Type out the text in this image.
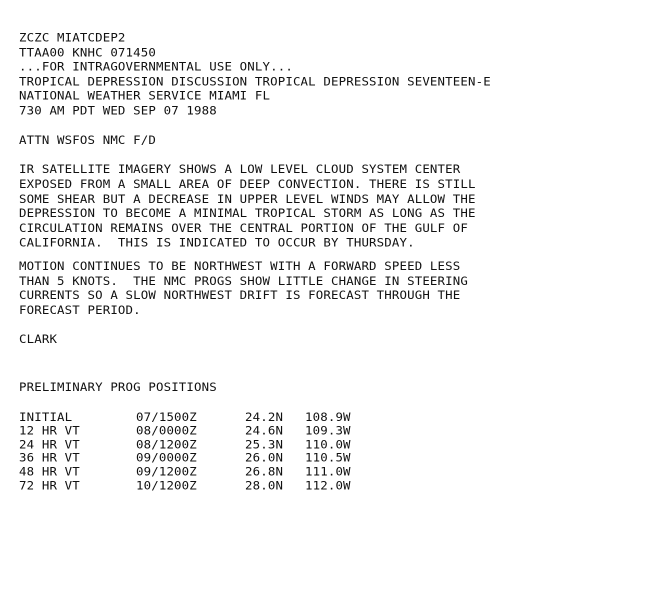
ZCZC MIATCDEP2
TTAA00 KNHC 071450
...FOR INTRAGOVERNMENTAL USE ONLY...
TROPICAL DEPRESSION DISCUSSION TROPICAL DEPRESSION SEVENTEEN-E
NATIONAL WEATHER SERVICE MIAMI FL
730 AM PDT WED SEP 07 1988
ATTN WSFOS NMC F/D
IR SATELLITE IMAGERY SHOWS A LOW LEVEL CLOUD SYSTEM CENTER
EXPOSED FROM A SMALL AREA OF DEEP CONVECTION. THERE IS STILL
SOME SHEAR BUT A DECREASE IN UPPER LEVEL WINDS MAY ALLOW THE
DEPRESSION TO BECOME A MINIMAL TROPICAL STORM AS LONG AS THE
CIRCULATION REMAINS OVER THE CENTRAL PORTION OF THE GULF OF
CALIFORNIA.  THIS IS INDICATED TO OCCUR BY THURSDAY.
MOTION CONTINUES TO BE NORTHWEST WITH A FORWARD SPEED LESS
THAN 5 KNOTS.  THE NMC PROGS SHOW LITTLE CHANGE IN STEERING
CURRENTS SO A SLOW NORTHWEST DRIFT IS FORECAST THROUGH THE
FORECAST PERIOD.
CLARK
PRELIMINARY PROG POSITIONS
INITIAL	07/1500Z	24.2N	108.9W
12 HR VT	08/0000Z	24.6N	109.3W
24 HR VT	08/1200Z	25.3N	110.0W
36 HR VT	09/0000Z	26.0N	110.5W
48 HR VT	09/1200Z	26.8N	111.0W
72 HR VT	10/1200Z	28.0N	112.0W
